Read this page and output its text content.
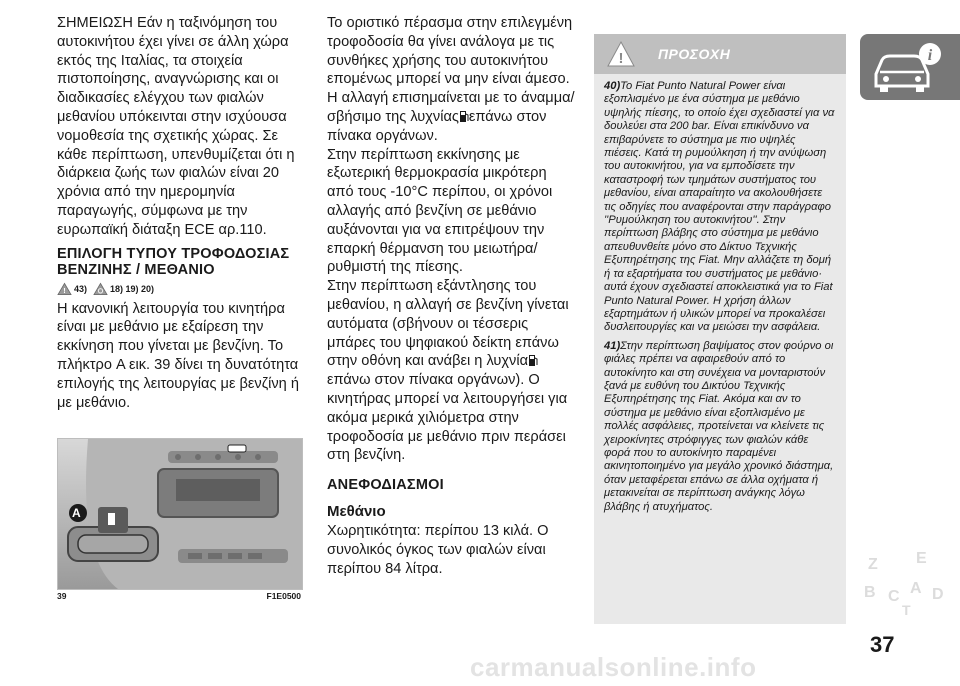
ΣΗΜΕΙΩΣΗ Εάν η ταξινόμηση του αυτοκινήτου έχει γίνει σε άλλη χώρα εκτός της Ιταλίας, τα στοιχεία πιστοποίησης, αναγνώρισης και οι διαδικασίες ελέγχου των φιαλών μεθανίου υπόκεινται στην ισχύουσα νομοθεσία της σχετικής χώρας. Σε κάθε περίπτωση, υπενθυμίζεται ότι η διάρκεια ζωής των φιαλών είναι 20 χρόνια από την ημερομηνία παραγωγής, σύμφωνα με την ευρωπαϊκή διάταξη ECE αρ.110.

ΕΠΙΛΟΓΗ ΤΥΠΟΥ ΤΡΟΦΟΔΟΣΙΑΣ ΒΕΝΖΙΝΗΣ / ΜΕΘΑΝΙΟ
! 43)	18) 19) 20)

Η κανονική λειτουργία του κινητήρα είναι με μεθάνιο με εξαίρεση την εκκίνηση που γίνεται με βενζίνη. Το πλήκτρο A εικ. 39 δίνει τη δυνατότητα επιλογής της λειτουργίας με βενζίνη ή με μεθάνιο.

A
39	F1E0500

Το οριστικό πέρασμα στην επιλεγμένη τροφοδοσία θα γίνει ανάλογα με τις συνθήκες χρήσης του αυτοκινήτου επομένως μπορεί να μην είναι άμεσο. Η αλλαγή επισημαίνεται με το άναμμα/σβήσιμο της λυχνίας επάνω στον πίνακα οργάνων.

Στην περίπτωση εκκίνησης με εξωτερική θερμοκρασία μικρότερη από τους -10°C περίπου, οι χρόνοι αλλαγής από βενζίνη σε μεθάνιο αυξάνονται για να επιτρέψουν την επαρκή θέρμανση του μειωτήρα/ρυθμιστή της πίεσης.

Στην περίπτωση εξάντλησης του μεθανίου, η αλλαγή σε βενζίνη γίνεται αυτόματα (σβήνουν οι τέσσερις μπάρες του ψηφιακού δείκτη επάνω στην οθόνη και ανάβει η λυχνίαεπάνω στον πίνακα οργάνων). Ο κινητήρας μπορεί να λειτουργήσει για ακόμα μερικά χιλιόμετρα στην τροφοδοσία με μεθάνιο πριν περάσει στη βενζίνη.

ΑΝΕΦΟΔΙΑΣΜΟΙ
Μεθάνιο

Χωρητικότητα: περίπου 13 κιλά. Ο συνολικός όγκος των φιαλών είναι περίπου 84 λίτρα.

! ΠΡΟΣΟΧΗ

40)Το Fiat Punto Natural Power είναι εξοπλισμένο με ένα σύστημα με μεθάνιο υψηλής πίεσης, το οποίο έχει σχεδιαστεί για να δουλεύει στα 200 bar. Είναι επικίνδυνο να επιβαρύνετε το σύστημα με πιο υψηλές πιέσεις. Κατά τη ρυμούλκηση ή την ανύψωση του αυτοκινήτου, για να εμποδίσετε την καταστροφή των τμημάτων συστήματος του μεθανίου, είναι απαραίτητο να ακολουθήσετε τις οδηγίες που αναφέρονται στην παράγραφο ''Ρυμούλκηση του αυτοκινήτου''. Στην περίπτωση βλάβης στο σύστημα με μεθάνιο απευθυνθείτε μόνο στο Δίκτυο Τεχνικής Εξυπηρέτησης της Fiat. Μην αλλάζετε τη δομή ή τα εξαρτήματα του συστήματος με μεθάνιο· αυτά έχουν σχεδιαστεί αποκλειστικά για το Fiat Punto Natural Power. Η χρήση άλλων εξαρτημάτων ή υλικών μπορεί να προκαλέσει δυσλειτουργίες και να μειώσει την ασφάλεια.

41)Στην περίπτωση βαψίματος στον φούρνο οι φιάλες πρέπει να αφαιρεθούν από το αυτοκίνητο και στη συνέχεια να μονταριστούν ξανά με ευθύνη του Δικτύου Τεχνικής Εξυπηρέτησης της Fiat. Ακόμα και αν το σύστημα με μεθάνιο είναι εξοπλισμένο με πολλές ασφάλειες, προτείνεται να κλείνετε τις χειροκίνητες στρόφιγγες των φιαλών κάθε φορά που το αυτοκίνητο παραμένει ακινητοποιημένο για μεγάλο χρονικό διάστημα, όταν μεταφέρεται επάνω σε άλλα οχήματα ή μετακινείται σε περίπτωση ανάγκης λόγω βλάβης ή ατυχήματος.

i
Z E
B C
T
A D
37
carmanualsonline.info
